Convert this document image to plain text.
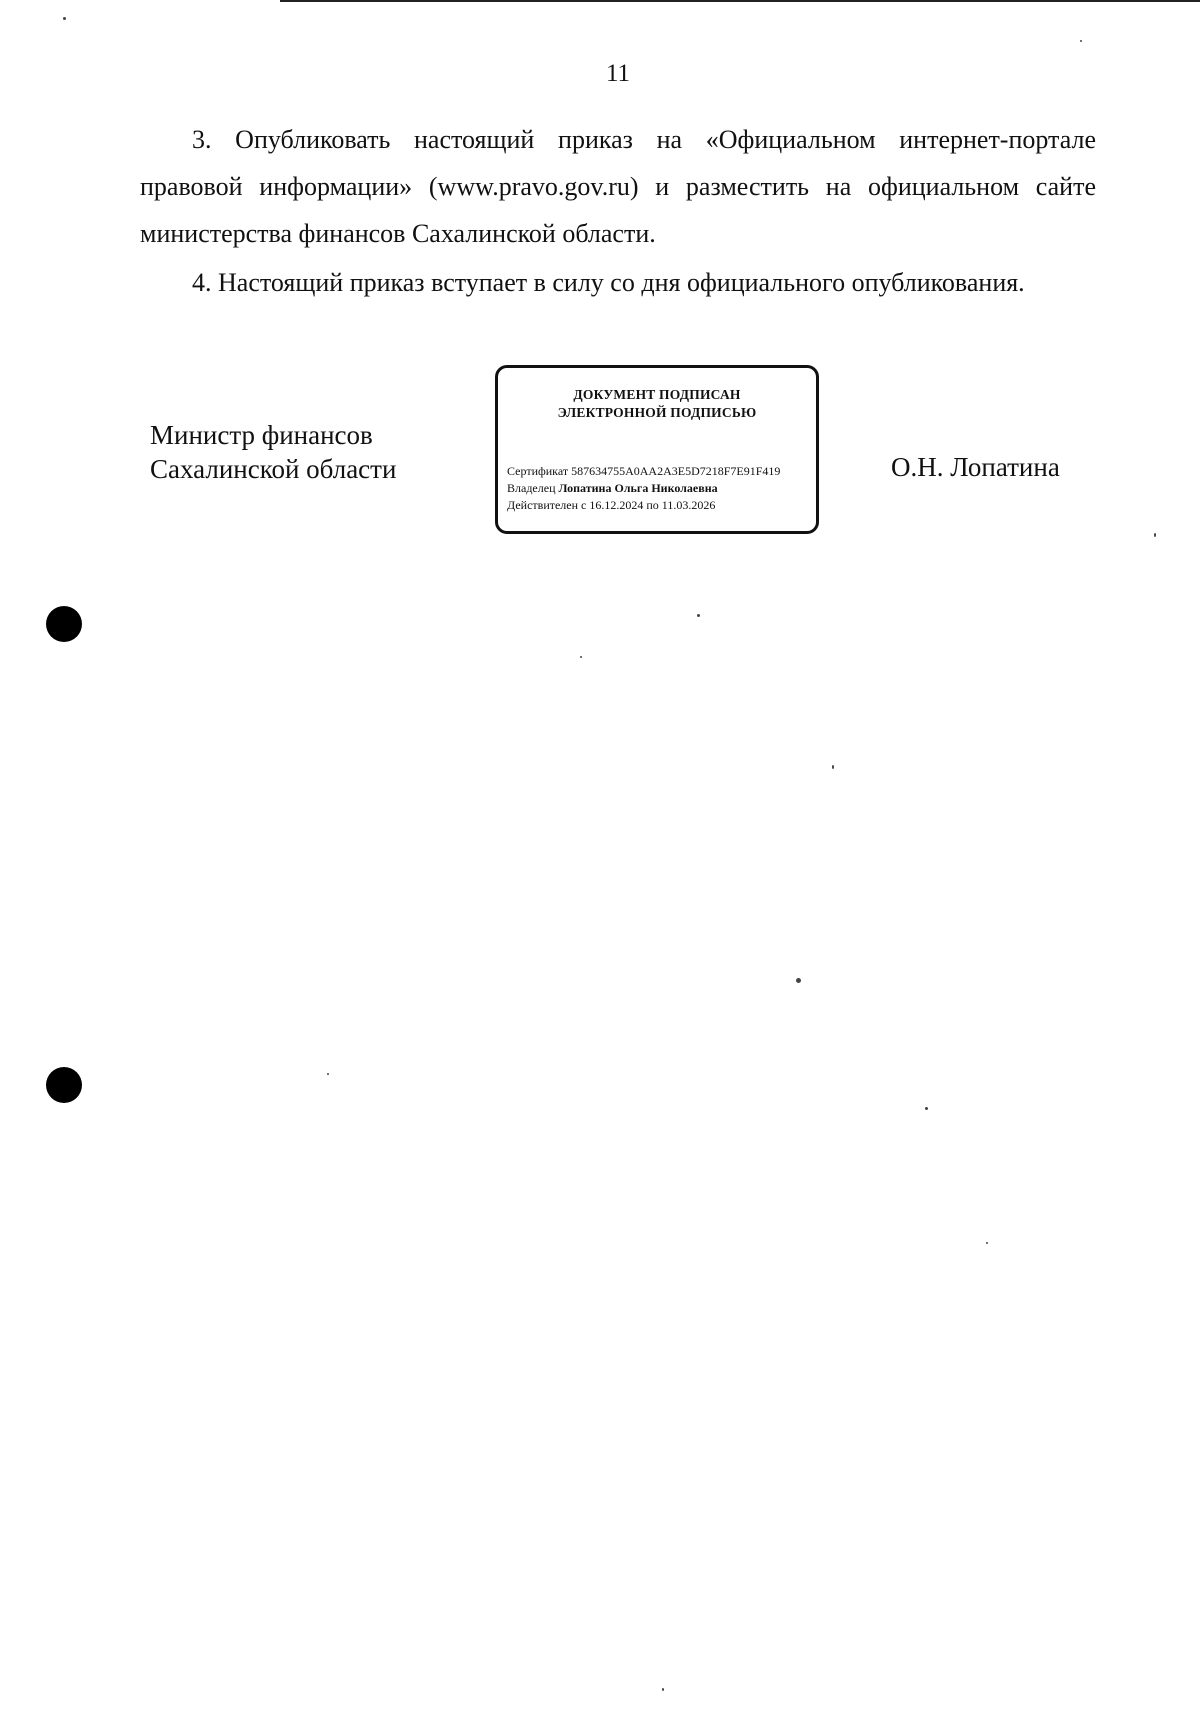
11

3. Опубликовать настоящий приказ на «Официальном интернет-портале правовой информации» (www.pravo.gov.ru) и разместить на официальном сайте министерства финансов Сахалинской области.

4. Настоящий приказ вступает в силу со дня официального опубликования.

Министр финансов
Сахалинской области
ДОКУМЕНТ ПОДПИСАН
ЭЛЕКТРОННОЙ ПОДПИСЬЮ
Сертификат 587634755A0AA2A3E5D7218F7E91F419
Владелец Лопатина Ольга Николаевна
Действителен с 16.12.2024 по 11.03.2026
О.Н. Лопатина
